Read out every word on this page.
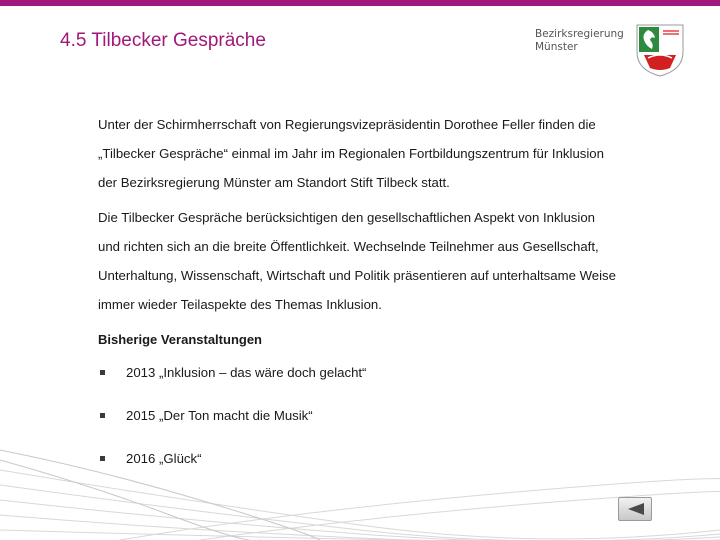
4.5 Tilbecker Gespräche	Bezirksregierung
Münster

Unter der Schirmherrschaft von Regierungsvizepräsidentin Dorothee Feller finden die
„Tilbecker Gespräche“ einmal im Jahr im Regionalen Fortbildungszentrum für Inklusion
der Bezirksregierung Münster am Standort Stift Tilbeck statt.

Die Tilbecker Gespräche berücksichtigen den gesellschaftlichen Aspekt von Inklusion
und richten sich an die breite Öffentlichkeit. Wechselnde Teilnehmer aus Gesellschaft,
Unterhaltung, Wissenschaft, Wirtschaft und Politik präsentieren auf unterhaltsame Weise
immer wieder Teilaspekte des Themas Inklusion.

Bisherige Veranstaltungen
2013 „Inklusion – das wäre doch gelacht“
2015 „Der Ton macht die Musik“
2016 „Glück“
